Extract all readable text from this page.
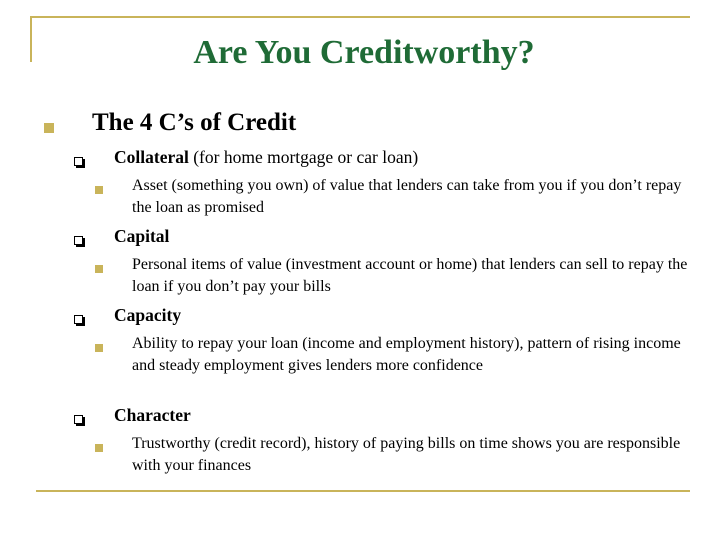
Are You Creditworthy?
The 4 C’s of Credit
Collateral (for home mortgage or car loan)
Asset (something you own) of value that lenders can take from you if you don’t repay the loan as promised
Capital
Personal items of value (investment account or home) that lenders can sell to repay the loan if you don’t pay your bills
Capacity
Ability to repay your loan (income and employment history), pattern of rising income and steady employment gives lenders more confidence
Character
Trustworthy (credit record), history of paying bills on time shows you are responsible with your finances
